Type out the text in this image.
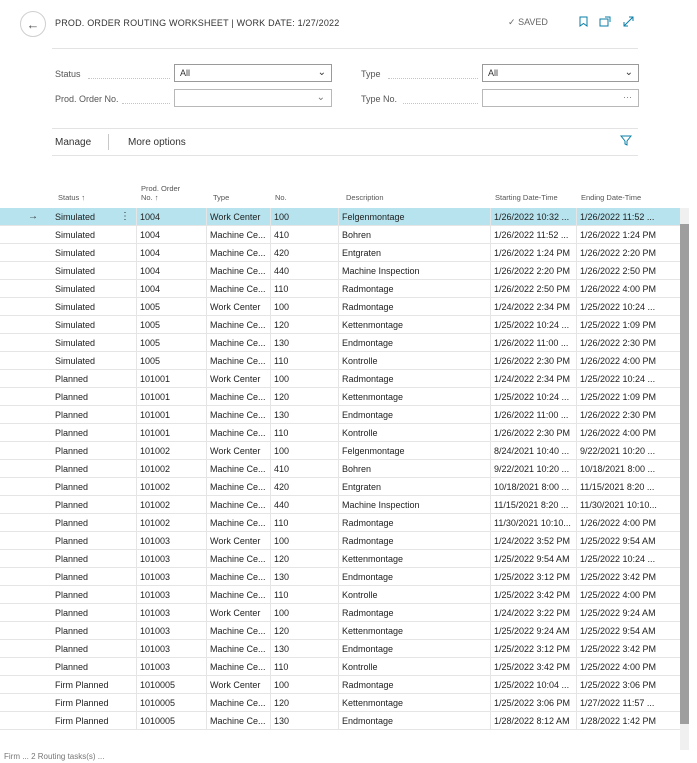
← PROD. ORDER ROUTING WORKSHEET | WORK DATE: 1/27/2022	✓ SAVED
Status	All	⌄	Type	All	⌄
Prod. Order No.	⌄	Type No.	···
Manage	More options
Status ↑
Prod. Order
No. ↑	Type	No.	Description	Starting Date-Time	Ending Date-Time
→	⋮
Simulated	1004	Work Center	100	Felgenmontage	1/26/2022 10:32 ...	1/26/2022 11:52 ...
Simulated	1004	Machine Ce... 410	Bohren	1/26/2022 11:52 ...	1/26/2022 1:24 PM
Simulated	1004	Machine Ce... 420	Entgraten	1/26/2022 1:24 PM	1/26/2022 2:20 PM
Simulated	1004	Machine Ce... 440	Machine Inspection	1/26/2022 2:20 PM	1/26/2022 2:50 PM
Simulated	1004	Machine Ce... 110	Radmontage	1/26/2022 2:50 PM	1/26/2022 4:00 PM
Simulated	1005	Work Center	100	Radmontage	1/24/2022 2:34 PM	1/25/2022 10:24 ...
Simulated	1005	Machine Ce... 120	Kettenmontage	1/25/2022 10:24 ...	1/25/2022 1:09 PM
Simulated	1005	Machine Ce... 130	Endmontage	1/26/2022 11:00 ...	1/26/2022 2:30 PM
Simulated	1005	Machine Ce... 110	Kontrolle	1/26/2022 2:30 PM	1/26/2022 4:00 PM
Planned	101001	Work Center	100	Radmontage	1/24/2022 2:34 PM	1/25/2022 10:24 ...
Planned	101001	Machine Ce... 120	Kettenmontage	1/25/2022 10:24 ...	1/25/2022 1:09 PM
Planned	101001	Machine Ce... 130	Endmontage	1/26/2022 11:00 ...	1/26/2022 2:30 PM
Planned	101001	Machine Ce... 110	Kontrolle	1/26/2022 2:30 PM	1/26/2022 4:00 PM
Planned	101002	Work Center	100	Felgenmontage	8/24/2021 10:40 ...	9/22/2021 10:20 ...
Planned	101002	Machine Ce... 410	Bohren	9/22/2021 10:20 ...	10/18/2021 8:00 ...
Planned	101002	Machine Ce... 420	Entgraten	10/18/2021 8:00 ...	11/15/2021 8:20 ...
Planned	101002	Machine Ce... 440	Machine Inspection	11/15/2021 8:20 ...	11/30/2021 10:10...
Planned	101002	Machine Ce... 110	Radmontage	11/30/2021 10:10...	1/26/2022 4:00 PM
Planned	101003	Work Center	100	Radmontage	1/24/2022 3:52 PM	1/25/2022 9:54 AM
Planned	101003	Machine Ce... 120	Kettenmontage	1/25/2022 9:54 AM	1/25/2022 10:24 ...
Planned	101003	Machine Ce... 130	Endmontage	1/25/2022 3:12 PM	1/25/2022 3:42 PM
Planned	101003	Machine Ce... 110	Kontrolle	1/25/2022 3:42 PM	1/25/2022 4:00 PM
Planned	101003	Work Center	100	Radmontage	1/24/2022 3:22 PM	1/25/2022 9:24 AM
Planned	101003	Machine Ce... 120	Kettenmontage	1/25/2022 9:24 AM	1/25/2022 9:54 AM
Planned	101003	Machine Ce... 130	Endmontage	1/25/2022 3:12 PM	1/25/2022 3:42 PM
Planned	101003	Machine Ce... 110	Kontrolle	1/25/2022 3:42 PM	1/25/2022 4:00 PM
Firm Planned	1010005	Work Center	100	Radmontage	1/25/2022 10:04 ...	1/25/2022 3:06 PM
Firm Planned	1010005	Machine Ce... 120	Kettenmontage	1/25/2022 3:06 PM	1/27/2022 11:57 ...
Firm Planned	1010005	Machine Ce... 130	Endmontage	1/28/2022 8:12 AM	1/28/2022 1:42 PM
Firm ... 2 Routing tasks(s) ...
